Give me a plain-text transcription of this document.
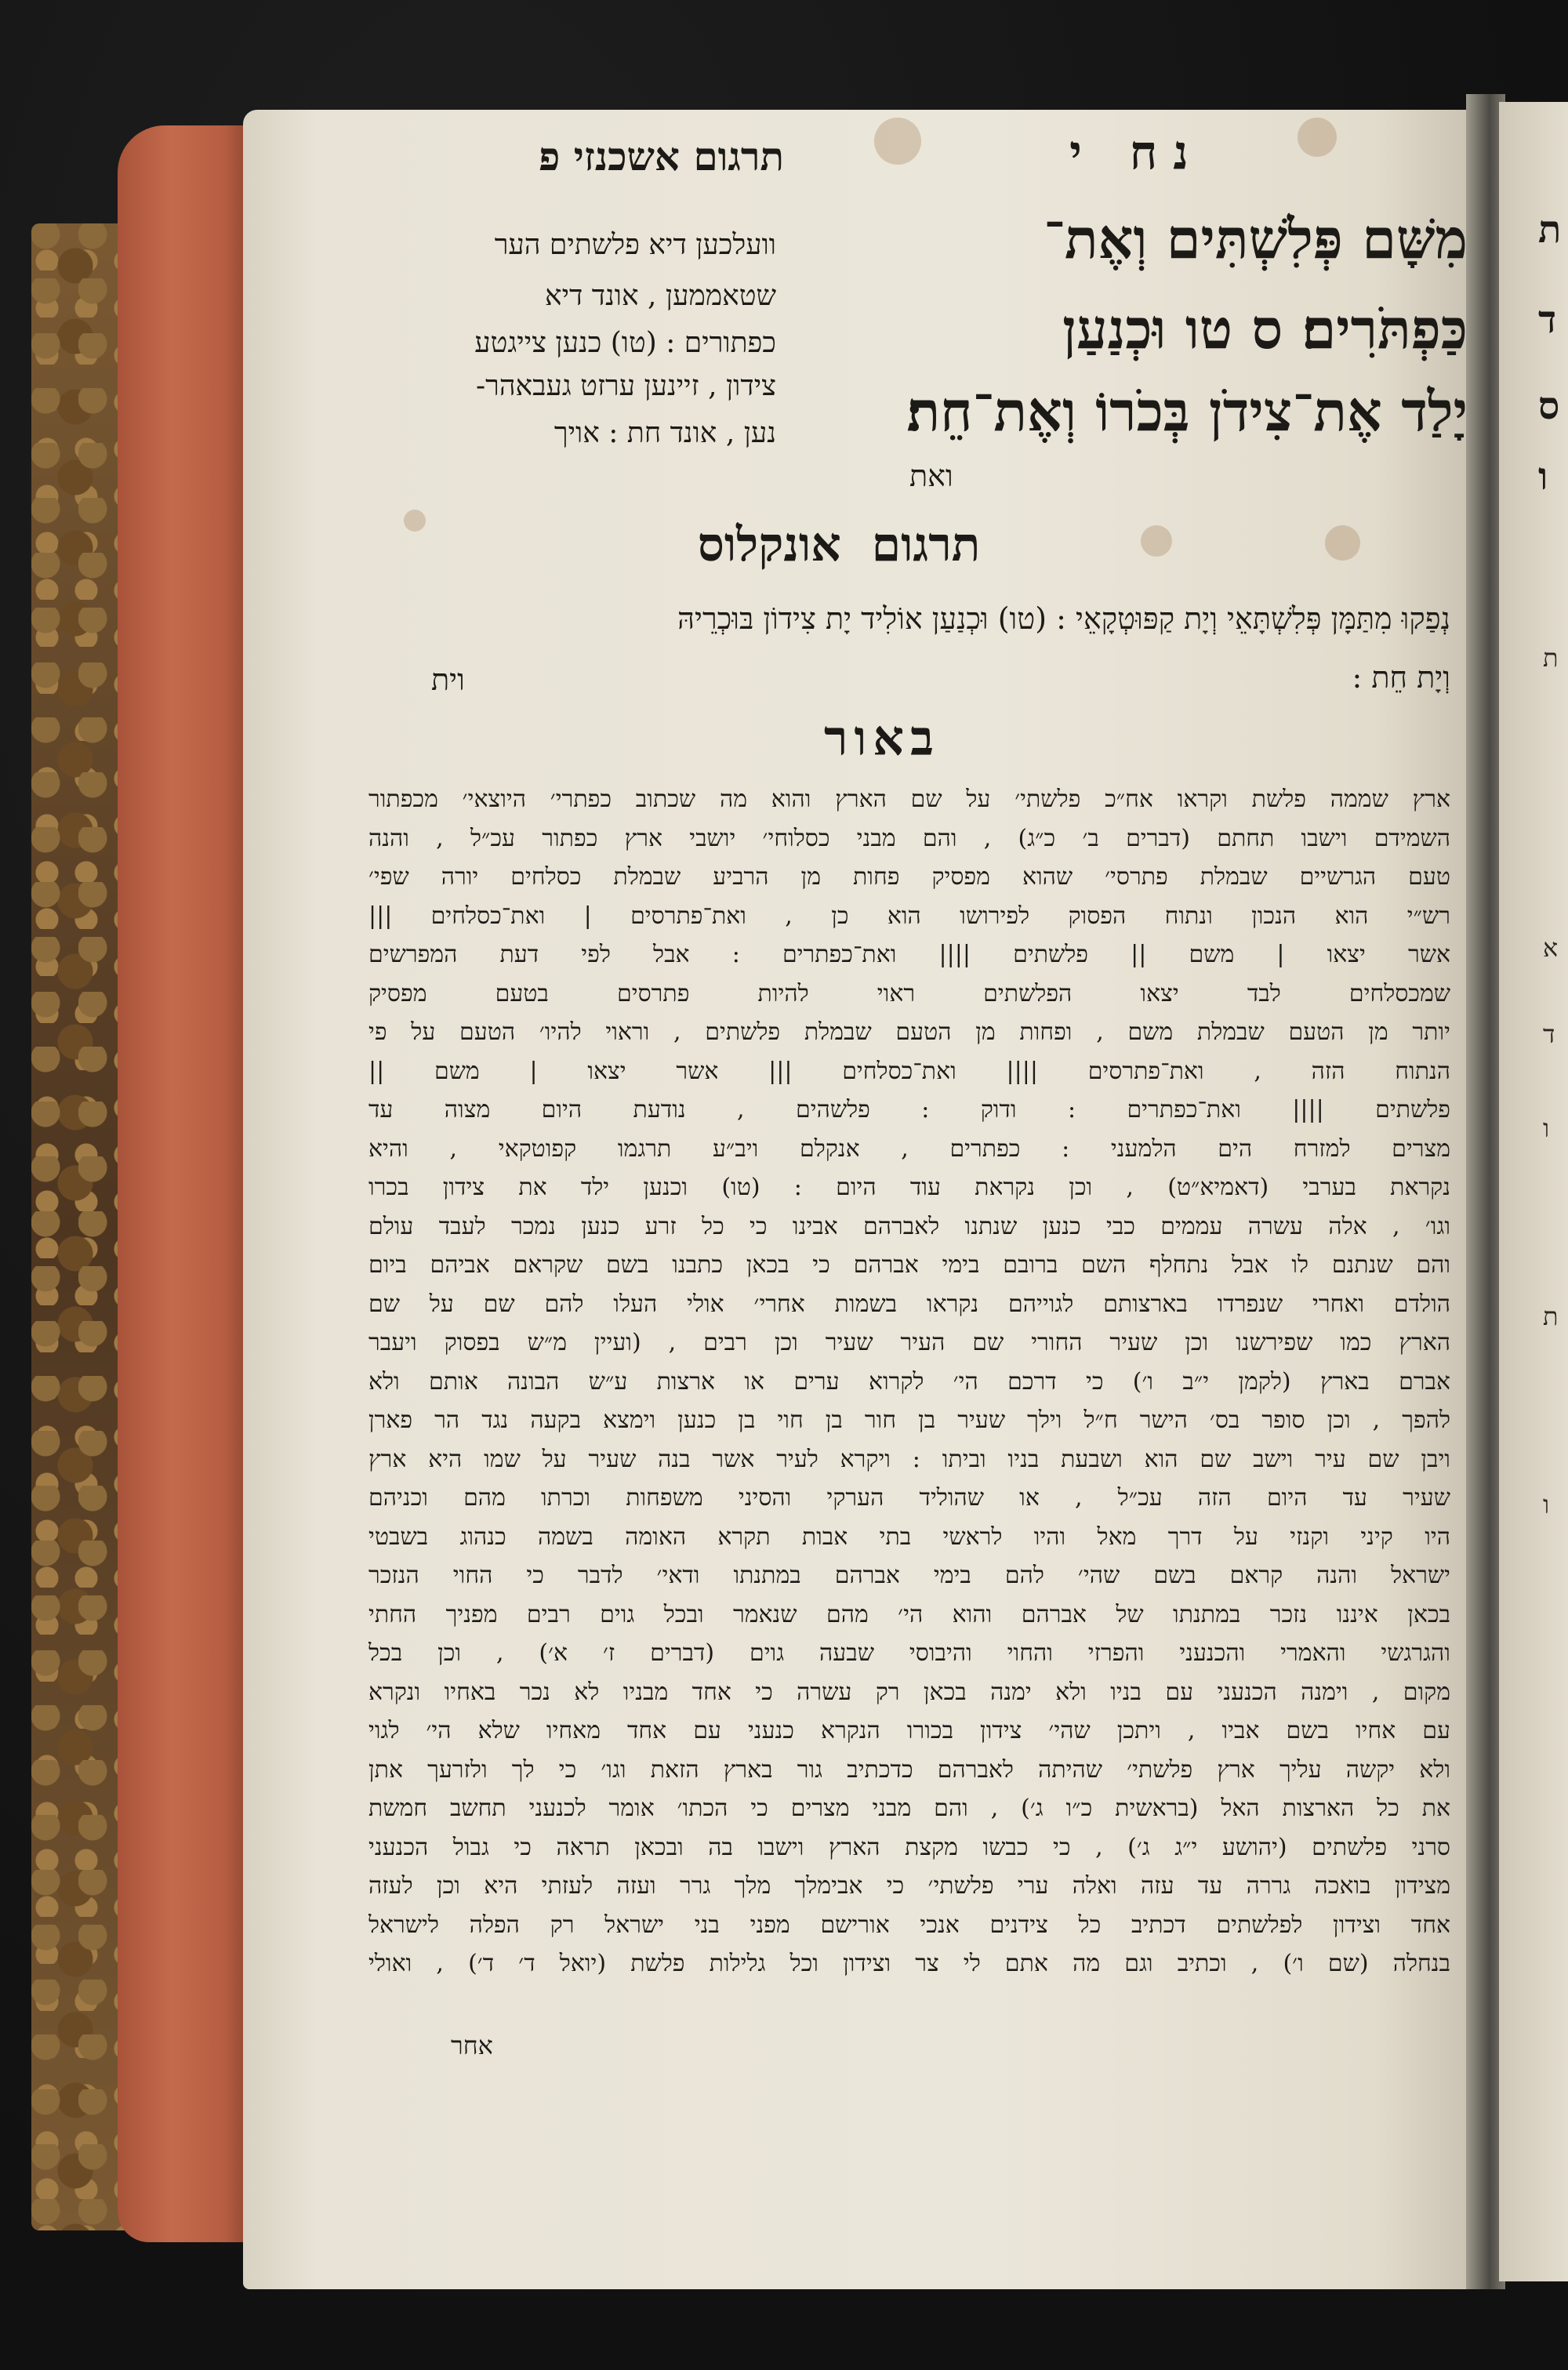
תרגום אשכנזי פ	נח י
מִשָּׁם פְּלִשְׁתִּים וְאֶת־
כַּפְתֹּרִים׃ ס טו וּכְנַעַן
יָלַד אֶת־צִידֹן בְּכֹרוֹ וְאֶת־חֵת׃
ואת
וועלכען דיא פלשתים הער
שטאממען , אונד דיא
כפתורים : (טו) כנען צייגטע
צידון , זיינען ערזט געבאהר-
נען , אונד חת : אויך
תרגום אונקלוס
נְפַקוּ מִתַּמָּן פְּלִשְׁתָּאֵי וְיָת קַפּוּטְקָאֵי : (טו) וּכְנַעַן אוֹלִיד יָת צִידוֹן בּוּכְרֵיהּ
וְיָת חֵת :
וית
באור
ארץ שממה פלשת וקראו אח״כ פלשתי׳ על שם הארץ והוא מה שכתוב כפתרי׳ היוצאי׳ מכפתור
השמידם וישבו תחתם (דברים ב׳ כ״ג) , והם מבני כסלוחי׳ יושבי ארץ כפתור עכ״ל , והנה
טעם הגרשיים שבמלת פתרסי׳ שהוא מפסיק פחות מן הרביע שבמלת כסלחים יורה שפי׳
רש״י הוא הנכון ונתוח הפסוק לפירושו הוא כן , ואת־פתרסים | ואת־כסלחים |||
אשר יצאו | משם || פלשתים |||| ואת־כפתרים : אבל לפי דעת המפרשים
שמכסלחים לבד יצאו הפלשתים ראוי להיות פתרסים בטעם מפסיק
יותר מן הטעם שבמלת משם , ופחות מן הטעם שבמלת פלשתים , וראוי להיו׳ הטעם על פי
הנתוח הזה , ואת־פתרסים |||| ואת־כסלחים ||| אשר יצאו | משם ||
פלשתים |||| ואת־כפתרים : ודוק : פלשהים , נודעת היום מצוה עד
מצרים למזרח הים הלמעני : כפתרים , אנקלם ויב״ע תרגמו קפוטקאי , והיא
נקראת בערבי (דאמיא״ט) , וכן נקראת עוד היום : (טו) וכנען ילד את צידון בכרו
וגו׳ , אלה עשרה עממים כבי כנען שנתנו לאברהם אבינו כי כל זרע כנען נמכר לעבד עולם
והם שנתנם לו אבל נתחלף השם ברובם בימי אברהם כי בכאן כתבנו בשם שקראם אביהם ביום
הולדם ואחרי שנפרדו בארצותם לגוייהם נקראו בשמות אחרי׳ אולי העלו להם שם על שם
הארץ כמו שפירשנו וכן שעיר החורי שם העיר שעיר וכן רבים , (ועיין מ״ש בפסוק ויעבר
אברם בארץ (לקמן י״ב ו׳) כי דרכם הי׳ לקרוא ערים או ארצות ע״ש הבונה אותם ולא
להפך , וכן סופר בס׳ הישר ח״ל וילך שעיר בן חור בן חוי בן כנען וימצא בקעה נגד הר פארן
ויבן שם עיר וישב שם הוא ושבעת בניו וביתו : ויקרא לעיר אשר בנה שעיר על שמו היא ארץ
שעיר עד היום הזה עכ״ל , או שהוליד הערקי והסיני משפחות וכרתו מהם וכניהם
היו קיני וקנזי על דרך מאל והיו לראשי בתי אבות תקרא האומה בשמה כנהוג בשבטי
ישראל והנה קראם בשם שהי׳ להם בימי אברהם במתנתו ודאי׳ לדבר כי החוי הנזכר
בכאן איננו נזכר במתנתו של אברהם והוא הי׳ מהם שנאמר ובכל גוים רבים מפניך החתי
והגרגשי והאמרי והכנעני והפרזי והחוי והיבוסי שבעה גוים (דברים ז׳ א׳) , וכן בכל
מקום , וימנה הכנעני עם בניו ולא ימנה בכאן רק עשרה כי אחד מבניו לא נכר באחיו ונקרא
עם אחיו בשם אביו , ויתכן שהי׳ צידון בכורו הנקרא כנעני עם אחד מאחיו שלא הי׳ לגוי
ולא יקשה עליך ארץ פלשתי׳ שהיתה לאברהם כדכתיב גור בארץ הזאת וגו׳ כי לך ולזרעך אתן
את כל הארצות האל (בראשית כ״ו ג׳) , והם מבני מצרים כי הכתו׳ אומר לכנעני תחשב חמשת
סרני פלשתים (יהושע י״ג ג׳) , כי כבשו מקצת הארץ וישבו בה ובכאן תראה כי גבול הכנעני
מצידון בואכה גררה עד עזה ואלה ערי פלשתי׳ כי אבימלך מלך גרר ועזה לעזתי היא וכן לעזה
אחד וצידון לפלשתים דכתיב כל צידנים אנכי אורישם מפני בני ישראל רק הפלה לישראל
בנחלה (שם ו׳) , וכתיב וגם מה אתם לי צר וצידון וכל גלילות פלשת (יואל ד׳ ד׳) , ואולי
אחר
ת
ד
ס
ו
ת
א
ד
ו
ת
ו
